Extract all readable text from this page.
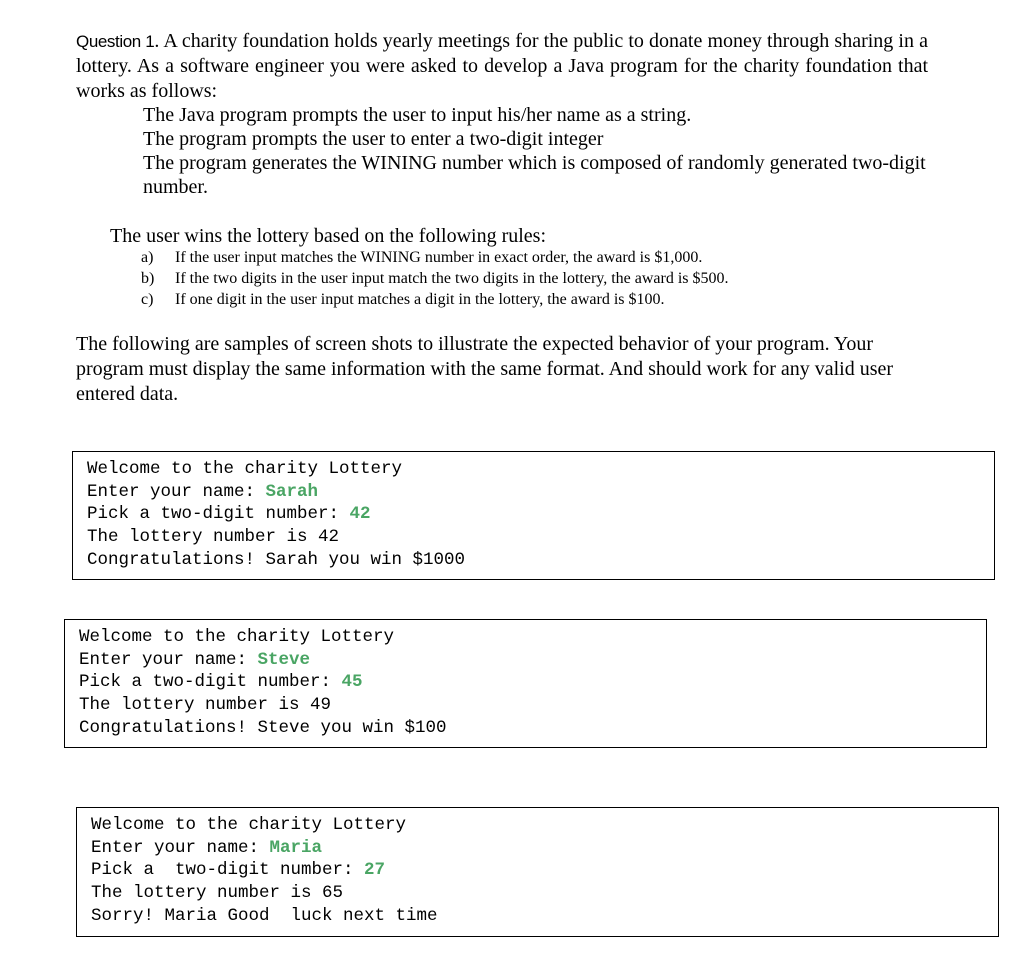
Question 1. A charity foundation holds yearly meetings for the public to donate money through sharing in a lottery. As a software engineer you were asked to develop a Java program for the charity foundation that works as follows:
The Java program prompts the user to input his/her name as a string.
The program prompts the user to enter a two-digit integer
The program generates the WINING number which is composed of randomly generated two-digit number.
The user wins the lottery based on the following rules:
a) If the user input matches the WINING number in exact order, the award is $1,000.
b) If the two digits in the user input match the two digits in the lottery, the award is $500.
c) If one digit in the user input matches a digit in the lottery, the award is $100.
The following are samples of screen shots to illustrate the expected behavior of your program. Your program must display the same information with the same format. And should work for any valid user entered data.
Welcome to the charity Lottery
Enter your name: Sarah
Pick a two-digit number: 42
The lottery number is 42
Congratulations! Sarah you win $1000
Welcome to the charity Lottery
Enter your name: Steve
Pick a two-digit number: 45
The lottery number is 49
Congratulations! Steve you win $100
Welcome to the charity Lottery
Enter your name: Maria
Pick a  two-digit number: 27
The lottery number is 65
Sorry! Maria Good  luck next time
